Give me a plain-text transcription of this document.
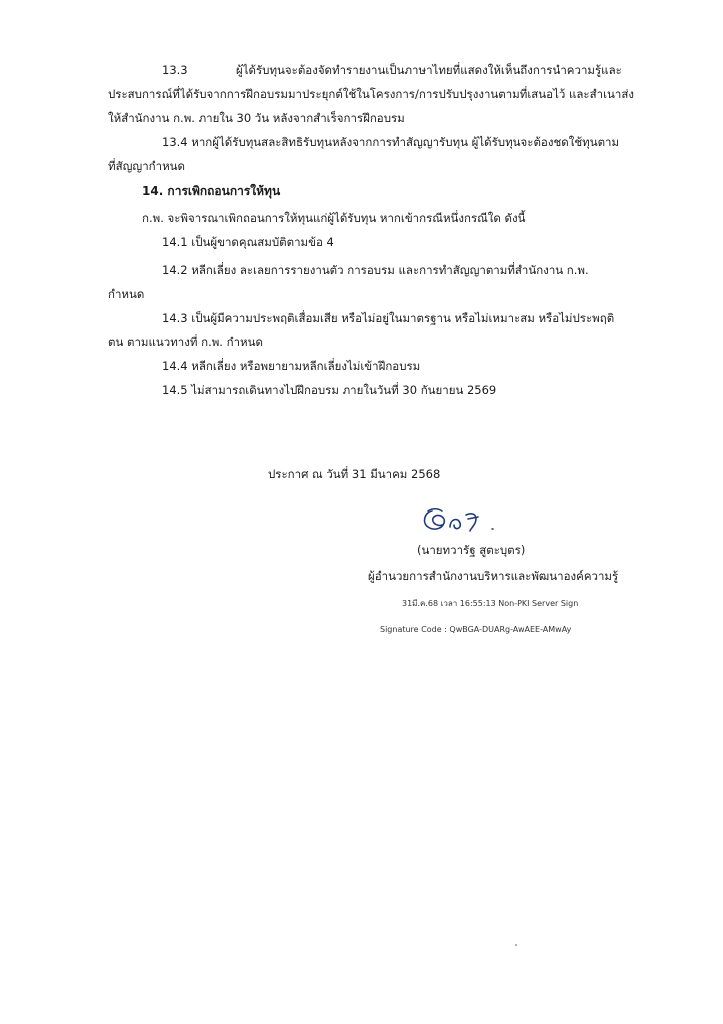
13.3	ผู้ได้รับทุนจะต้องจัดทำรายงานเป็นภาษาไทยที่แสดงให้เห็นถึงการนำความรู้และ
ประสบการณ์ที่ได้รับจากการฝึกอบรมมาประยุกต์ใช้ในโครงการ/การปรับปรุงงานตามที่เสนอไว้ และสำเนาส่ง
ให้สำนักงาน ก.พ. ภายใน 30 วัน หลังจากสำเร็จการฝึกอบรม
13.4 หากผู้ได้รับทุนสละสิทธิรับทุนหลังจากการทำสัญญารับทุน ผู้ได้รับทุนจะต้องชดใช้ทุนตาม
ที่สัญญากำหนด
14. การเพิกถอนการให้ทุน
ก.พ. จะพิจารณาเพิกถอนการให้ทุนแก่ผู้ได้รับทุน หากเข้ากรณีหนึ่งกรณีใด ดังนี้
14.1 เป็นผู้ขาดคุณสมบัติตามข้อ 4
14.2 หลีกเลี่ยง ละเลยการรายงานตัว การอบรม และการทำสัญญาตามที่สำนักงาน ก.พ.
กำหนด
14.3 เป็นผู้มีความประพฤติเสื่อมเสีย หรือไม่อยู่ในมาตรฐาน หรือไม่เหมาะสม หรือไม่ประพฤติ
ตน ตามแนวทางที่ ก.พ. กำหนด
14.4 หลีกเลี่ยง หรือพยายามหลีกเลี่ยงไม่เข้าฝึกอบรม
14.5 ไม่สามารถเดินทางไปฝึกอบรม ภายในวันที่ 30 กันยายน 2569
ประกาศ ณ วันที่ 31 มีนาคม 2568
(นายทวารัฐ สูตะบุตร)
ผู้อำนวยการสำนักงานบริหารและพัฒนาองค์ความรู้
31มี.ค.68 เวลา 16:55:13 Non-PKI Server Sign
Signature Code : QwBGA-DUARg-AwAEE-AMwAy
